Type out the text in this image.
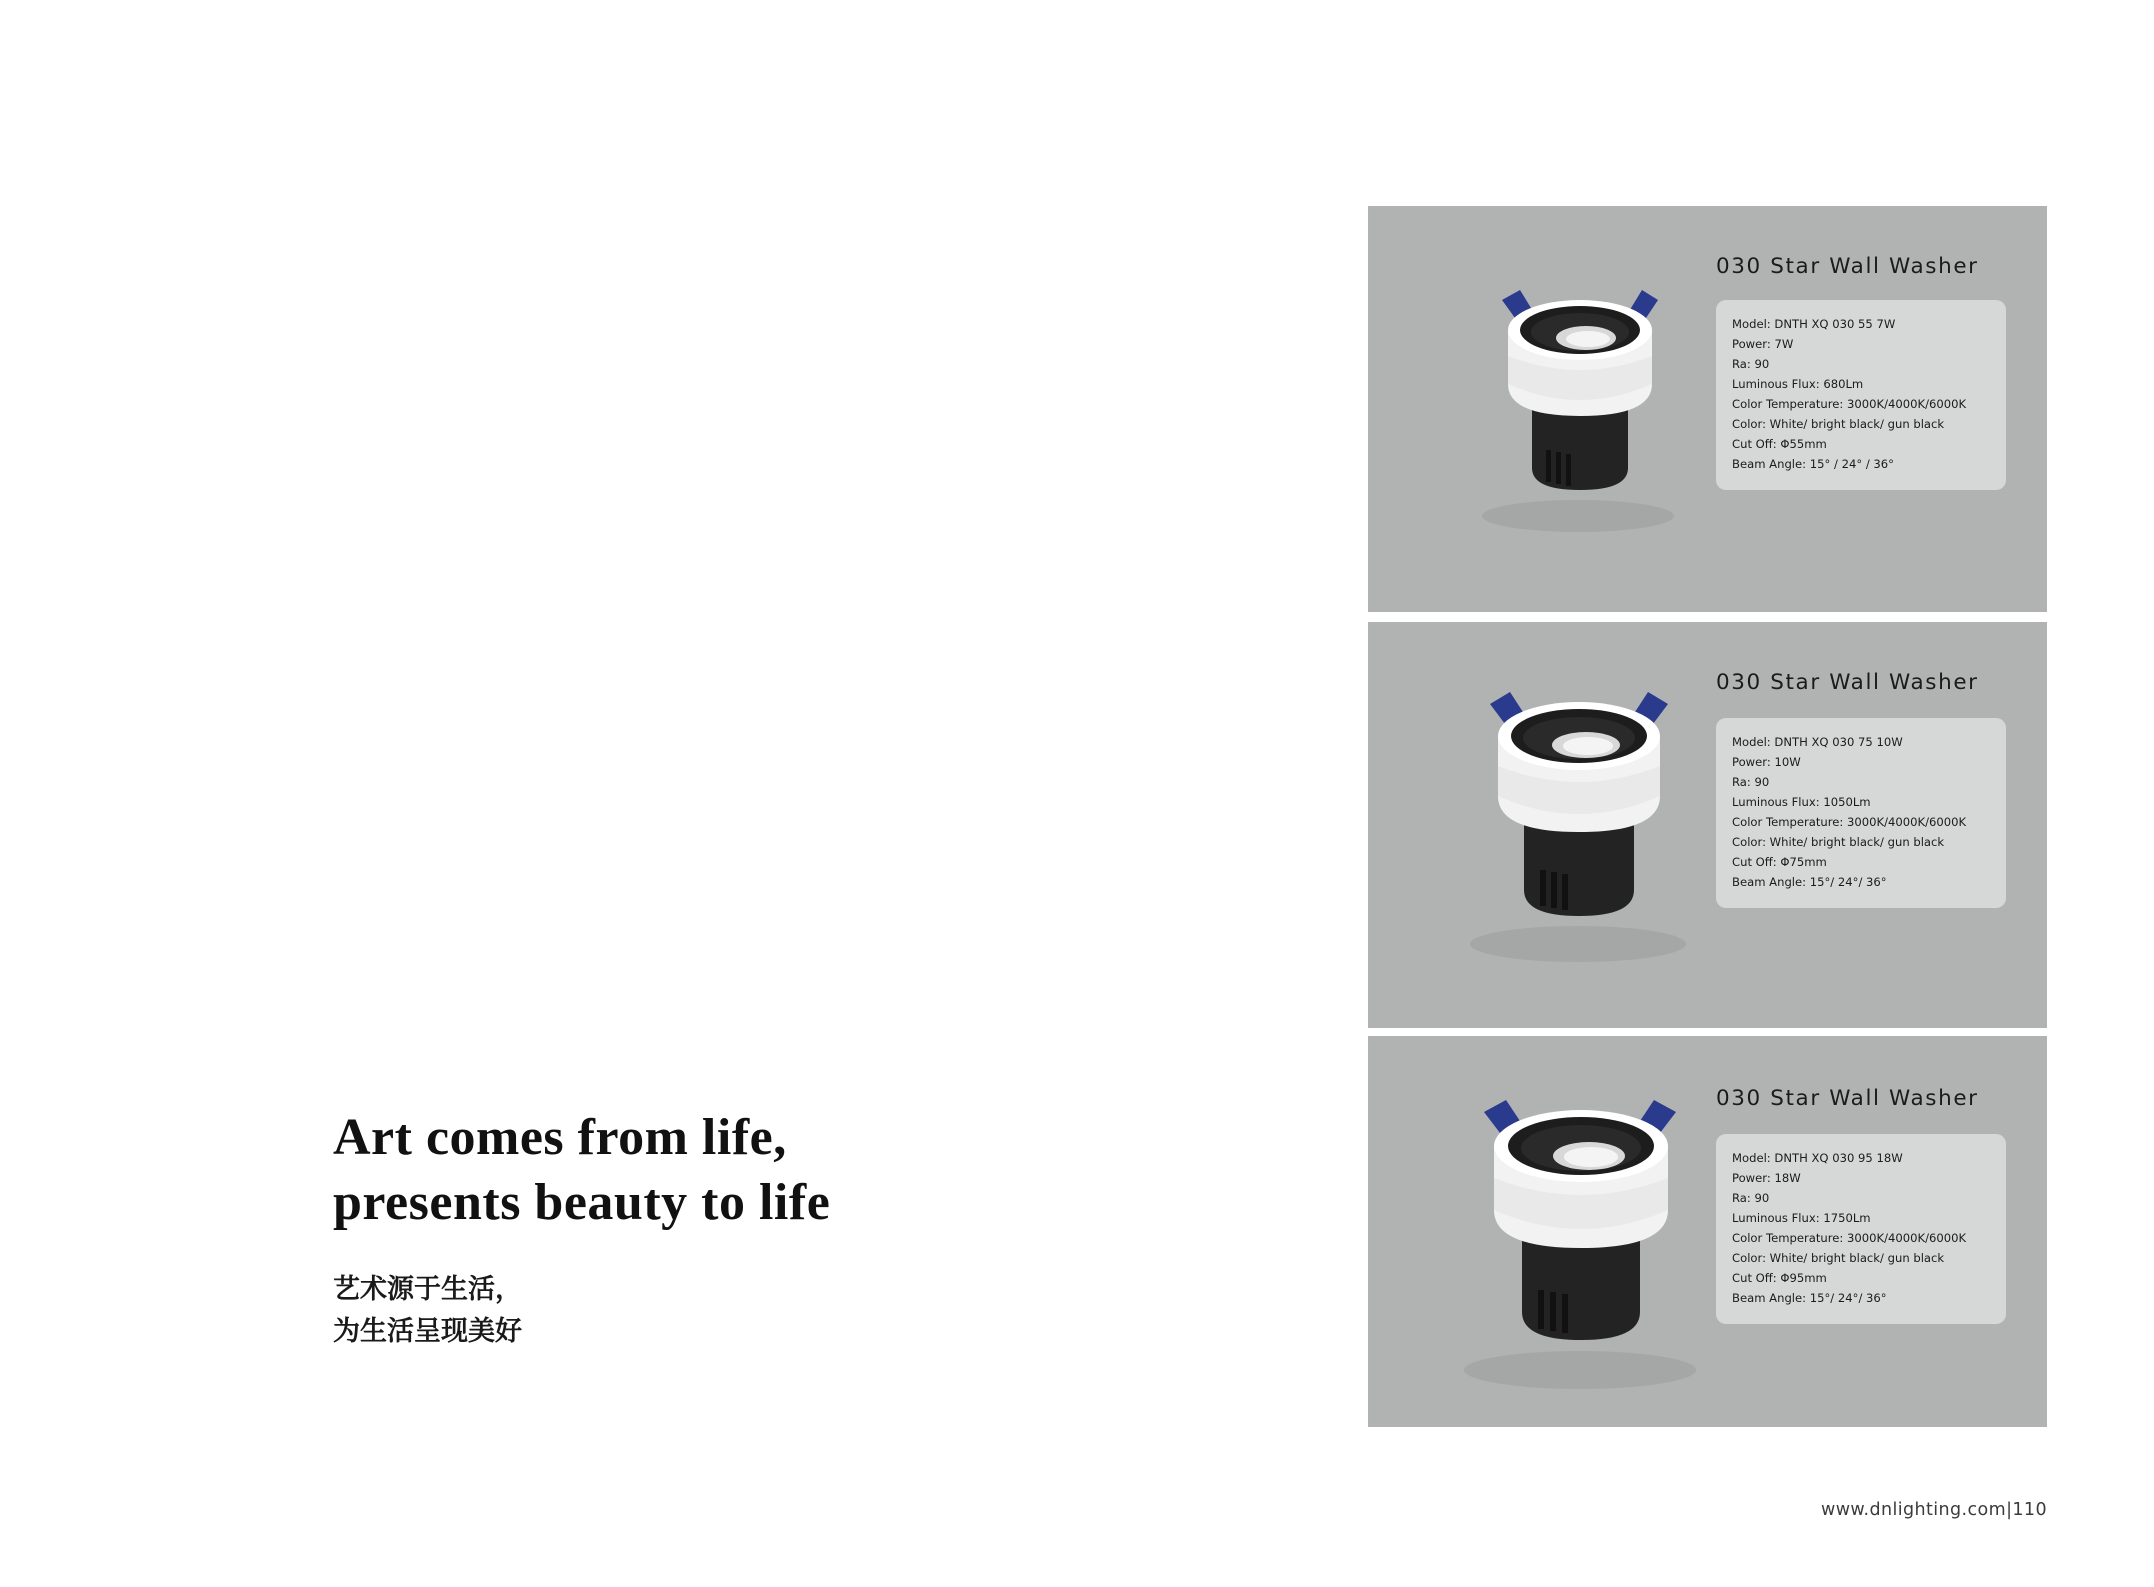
Art comes from life,
presents beauty to life
艺术源于生活，
为生活呈现美好
030 Star Wall Washer
Model: DNTH XQ 030 55 7W
Power: 7W
Ra: 90
Luminous Flux: 680Lm
Color Temperature: 3000K/4000K/6000K
Color: White/ bright black/ gun black
Cut Off: Φ55mm
Beam Angle: 15° / 24° / 36°
030 Star Wall Washer
Model: DNTH XQ 030 75 10W
Power: 10W
Ra: 90
Luminous Flux: 1050Lm
Color Temperature: 3000K/4000K/6000K
Color: White/ bright black/ gun black
Cut Off: Φ75mm
Beam Angle: 15°/ 24°/ 36°
030 Star Wall Washer
Model: DNTH XQ 030 95 18W
Power: 18W
Ra: 90
Luminous Flux: 1750Lm
Color Temperature: 3000K/4000K/6000K
Color: White/ bright black/ gun black
Cut Off: Φ95mm
Beam Angle: 15°/ 24°/ 36°
www.dnlighting.com|110
